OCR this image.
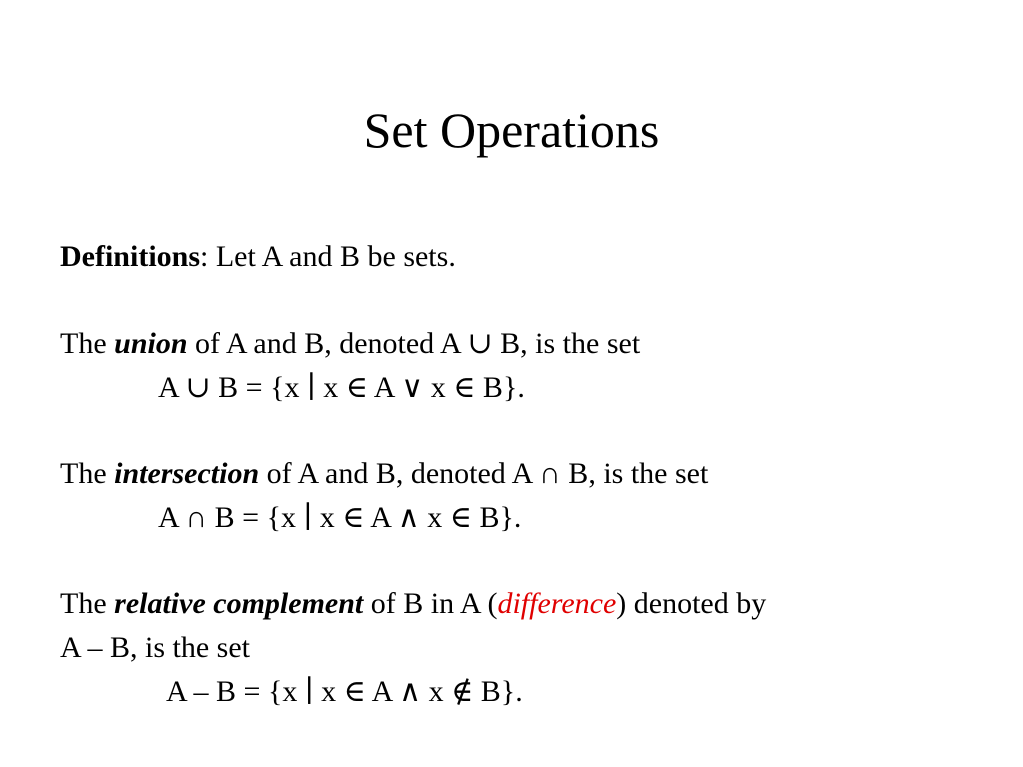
Set Operations
Definitions: Let A and B be sets.
The union of A and B, denoted A ∪ B, is the set
A ∪ B = {x ∣ x ∈ A ∨ x ∈ B}.
The intersection of A and B, denoted A ∩ B, is the set
A ∩ B = {x ∣ x ∈ A ∧ x ∈ B}.
The relative complement of B in A (difference) denoted by
A – B, is the set
A – B = {x ∣ x ∈ A ∧ x ∉ B}.
